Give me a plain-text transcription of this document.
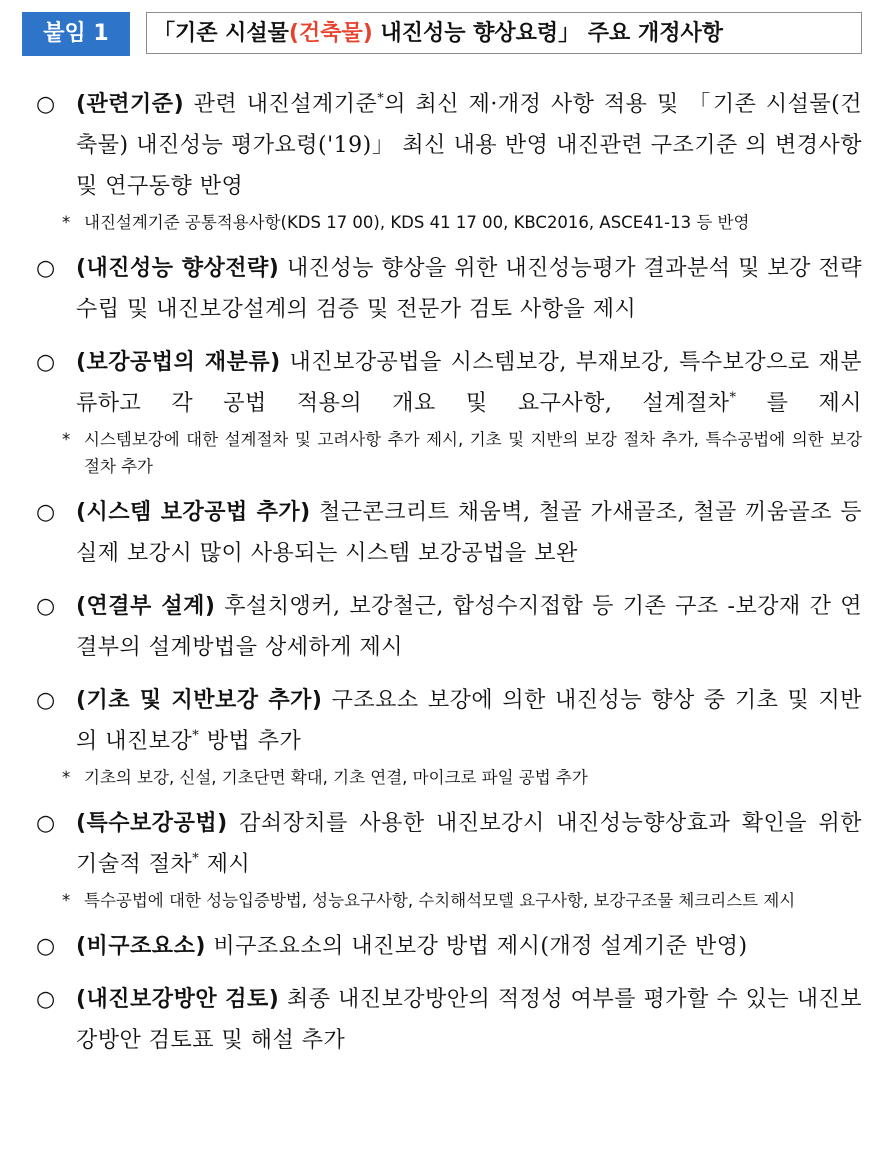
붙임 1	「기존 시설물(건축물) 내진성능 향상요령」 주요 개정사항
○ (관련기준) 관련 내진설계기준*의 최신 제·개정 사항 적용 및 「기존 시설물(건축물) 내진성능 평가요령('19)」 최신 내용 반영 내진관련 구조기준 의 변경사항 및 연구동향 반영
* 내진설계기준 공통적용사항(KDS 17 00), KDS 41 17 00, KBC2016, ASCE41-13 등 반영
○ (내진성능 향상전략) 내진성능 향상을 위한 내진성능평가 결과분석 및 보강 전략 수립 및 내진보강설계의 검증 및 전문가 검토 사항을 제시
○ (보강공법의 재분류) 내진보강공법을 시스템보강, 부재보강, 특수보강으로 재분류하고 각 공법 적용의 개요 및 요구사항, 설계절차* 를 제시
* 시스템보강에 대한 설계절차 및 고려사항 추가 제시, 기초 및 지반의 보강 절차 추가, 특수공법에 의한 보강 절차 추가
○ (시스템 보강공법 추가) 철근콘크리트 채움벽, 철골 가새골조, 철골 끼움골조 등 실제 보강시 많이 사용되는 시스템 보강공법을 보완
○ (연결부 설계) 후설치앵커, 보강철근, 합성수지접합 등 기존 구조 -보강재 간 연결부의 설계방법을 상세하게 제시
○ (기초 및 지반보강 추가) 구조요소 보강에 의한 내진성능 향상 중 기초 및 지반의 내진보강* 방법 추가
* 기초의 보강, 신설, 기초단면 확대, 기초 연결, 마이크로 파일 공법 추가
○ (특수보강공법) 감쇠장치를 사용한 내진보강시 내진성능향상효과 확인을 위한 기술적 절차* 제시
* 특수공법에 대한 성능입증방법, 성능요구사항, 수치해석모델 요구사항, 보강구조물 체크리스트 제시
○ (비구조요소) 비구조요소의 내진보강 방법 제시(개정 설계기준 반영)
○ (내진보강방안 검토) 최종 내진보강방안의 적정성 여부를 평가할 수 있는 내진보강방안 검토표 및 해설 추가
